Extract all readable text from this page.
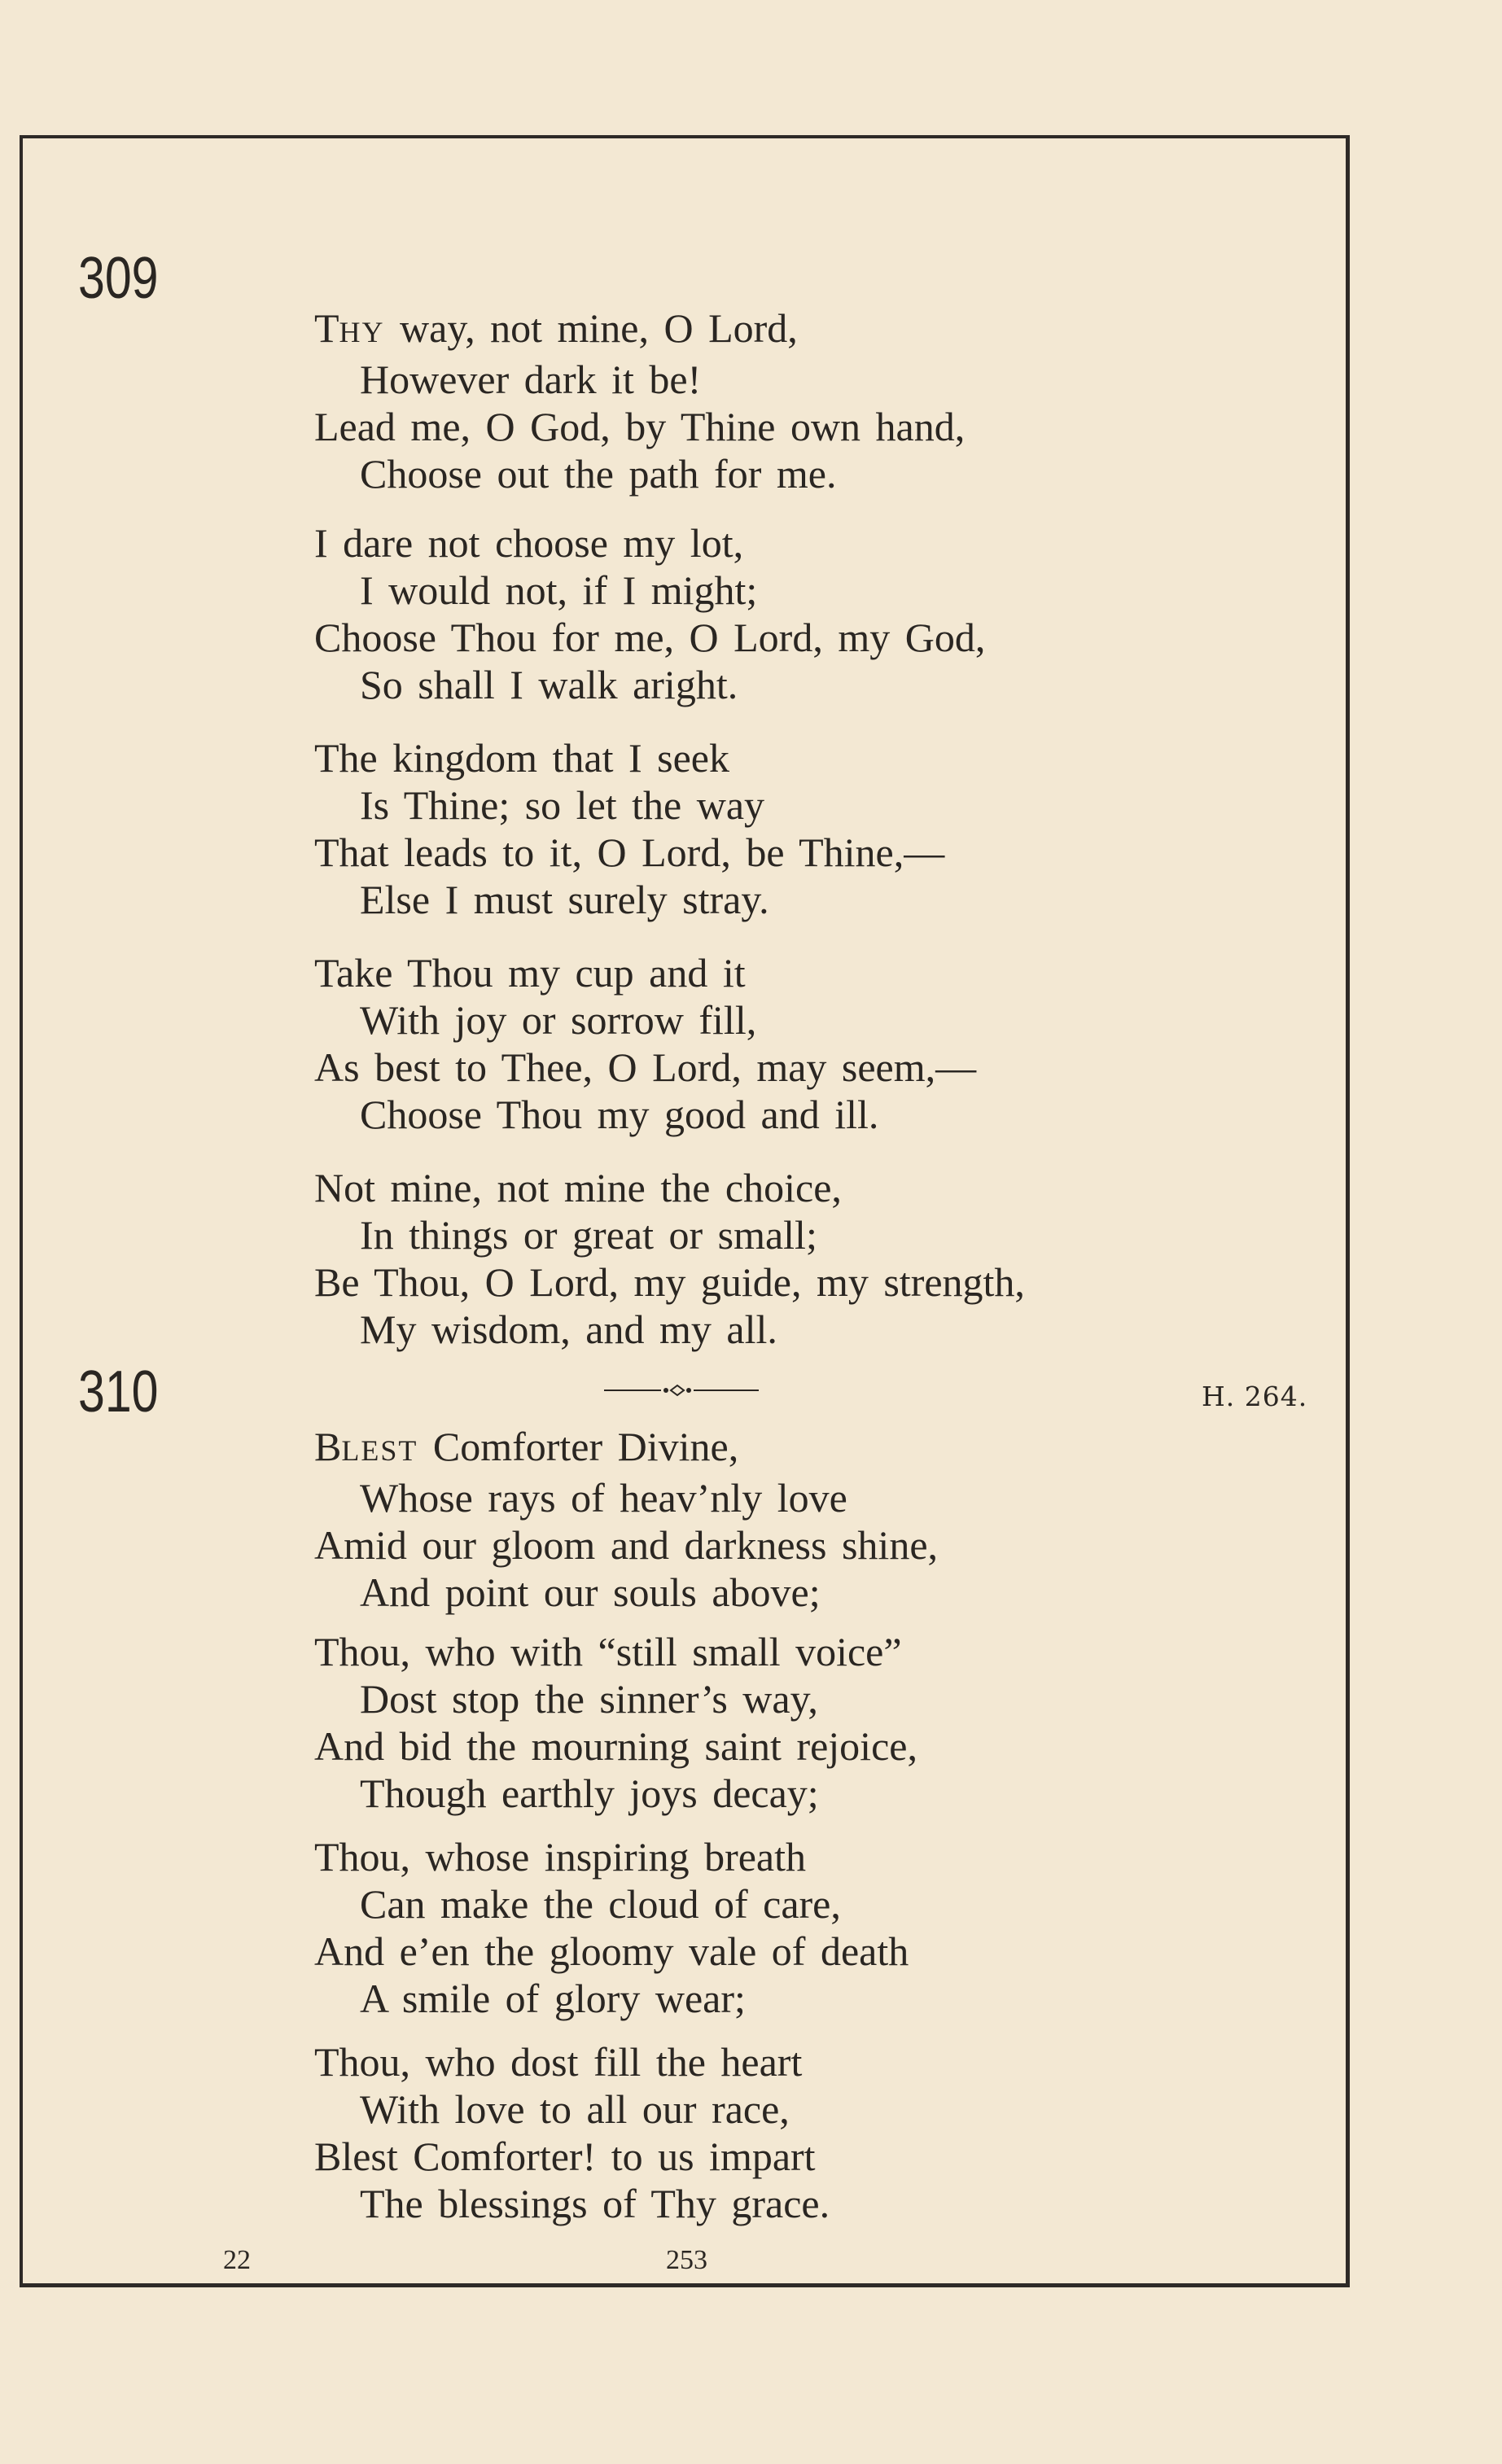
309
THY way, not mine, O Lord,
However dark it be!
Lead me, O God, by Thine own hand,
Choose out the path for me.
I dare not choose my lot,
I would not, if I might;
Choose Thou for me, O Lord, my God,
So shall I walk aright.
The kingdom that I seek
Is Thine; so let the way
That leads to it, O Lord, be Thine,—
Else I must surely stray.
Take Thou my cup and it
With joy or sorrow fill,
As best to Thee, O Lord, may seem,—
Choose Thou my good and ill.
Not mine, not mine the choice,
In things or great or small;
Be Thou, O Lord, my guide, my strength,
My wisdom, and my all.
310	H. 264.
BLEST Comforter Divine,
Whose rays of heav’nly love
Amid our gloom and darkness shine,
And point our souls above;
Thou, who with “still small voice”
Dost stop the sinner’s way,
And bid the mourning saint rejoice,
Though earthly joys decay;
Thou, whose inspiring breath
Can make the cloud of care,
And e’en the gloomy vale of death
A smile of glory wear;
Thou, who dost fill the heart
With love to all our race,
Blest Comforter! to us impart
The blessings of Thy grace.
22	253
